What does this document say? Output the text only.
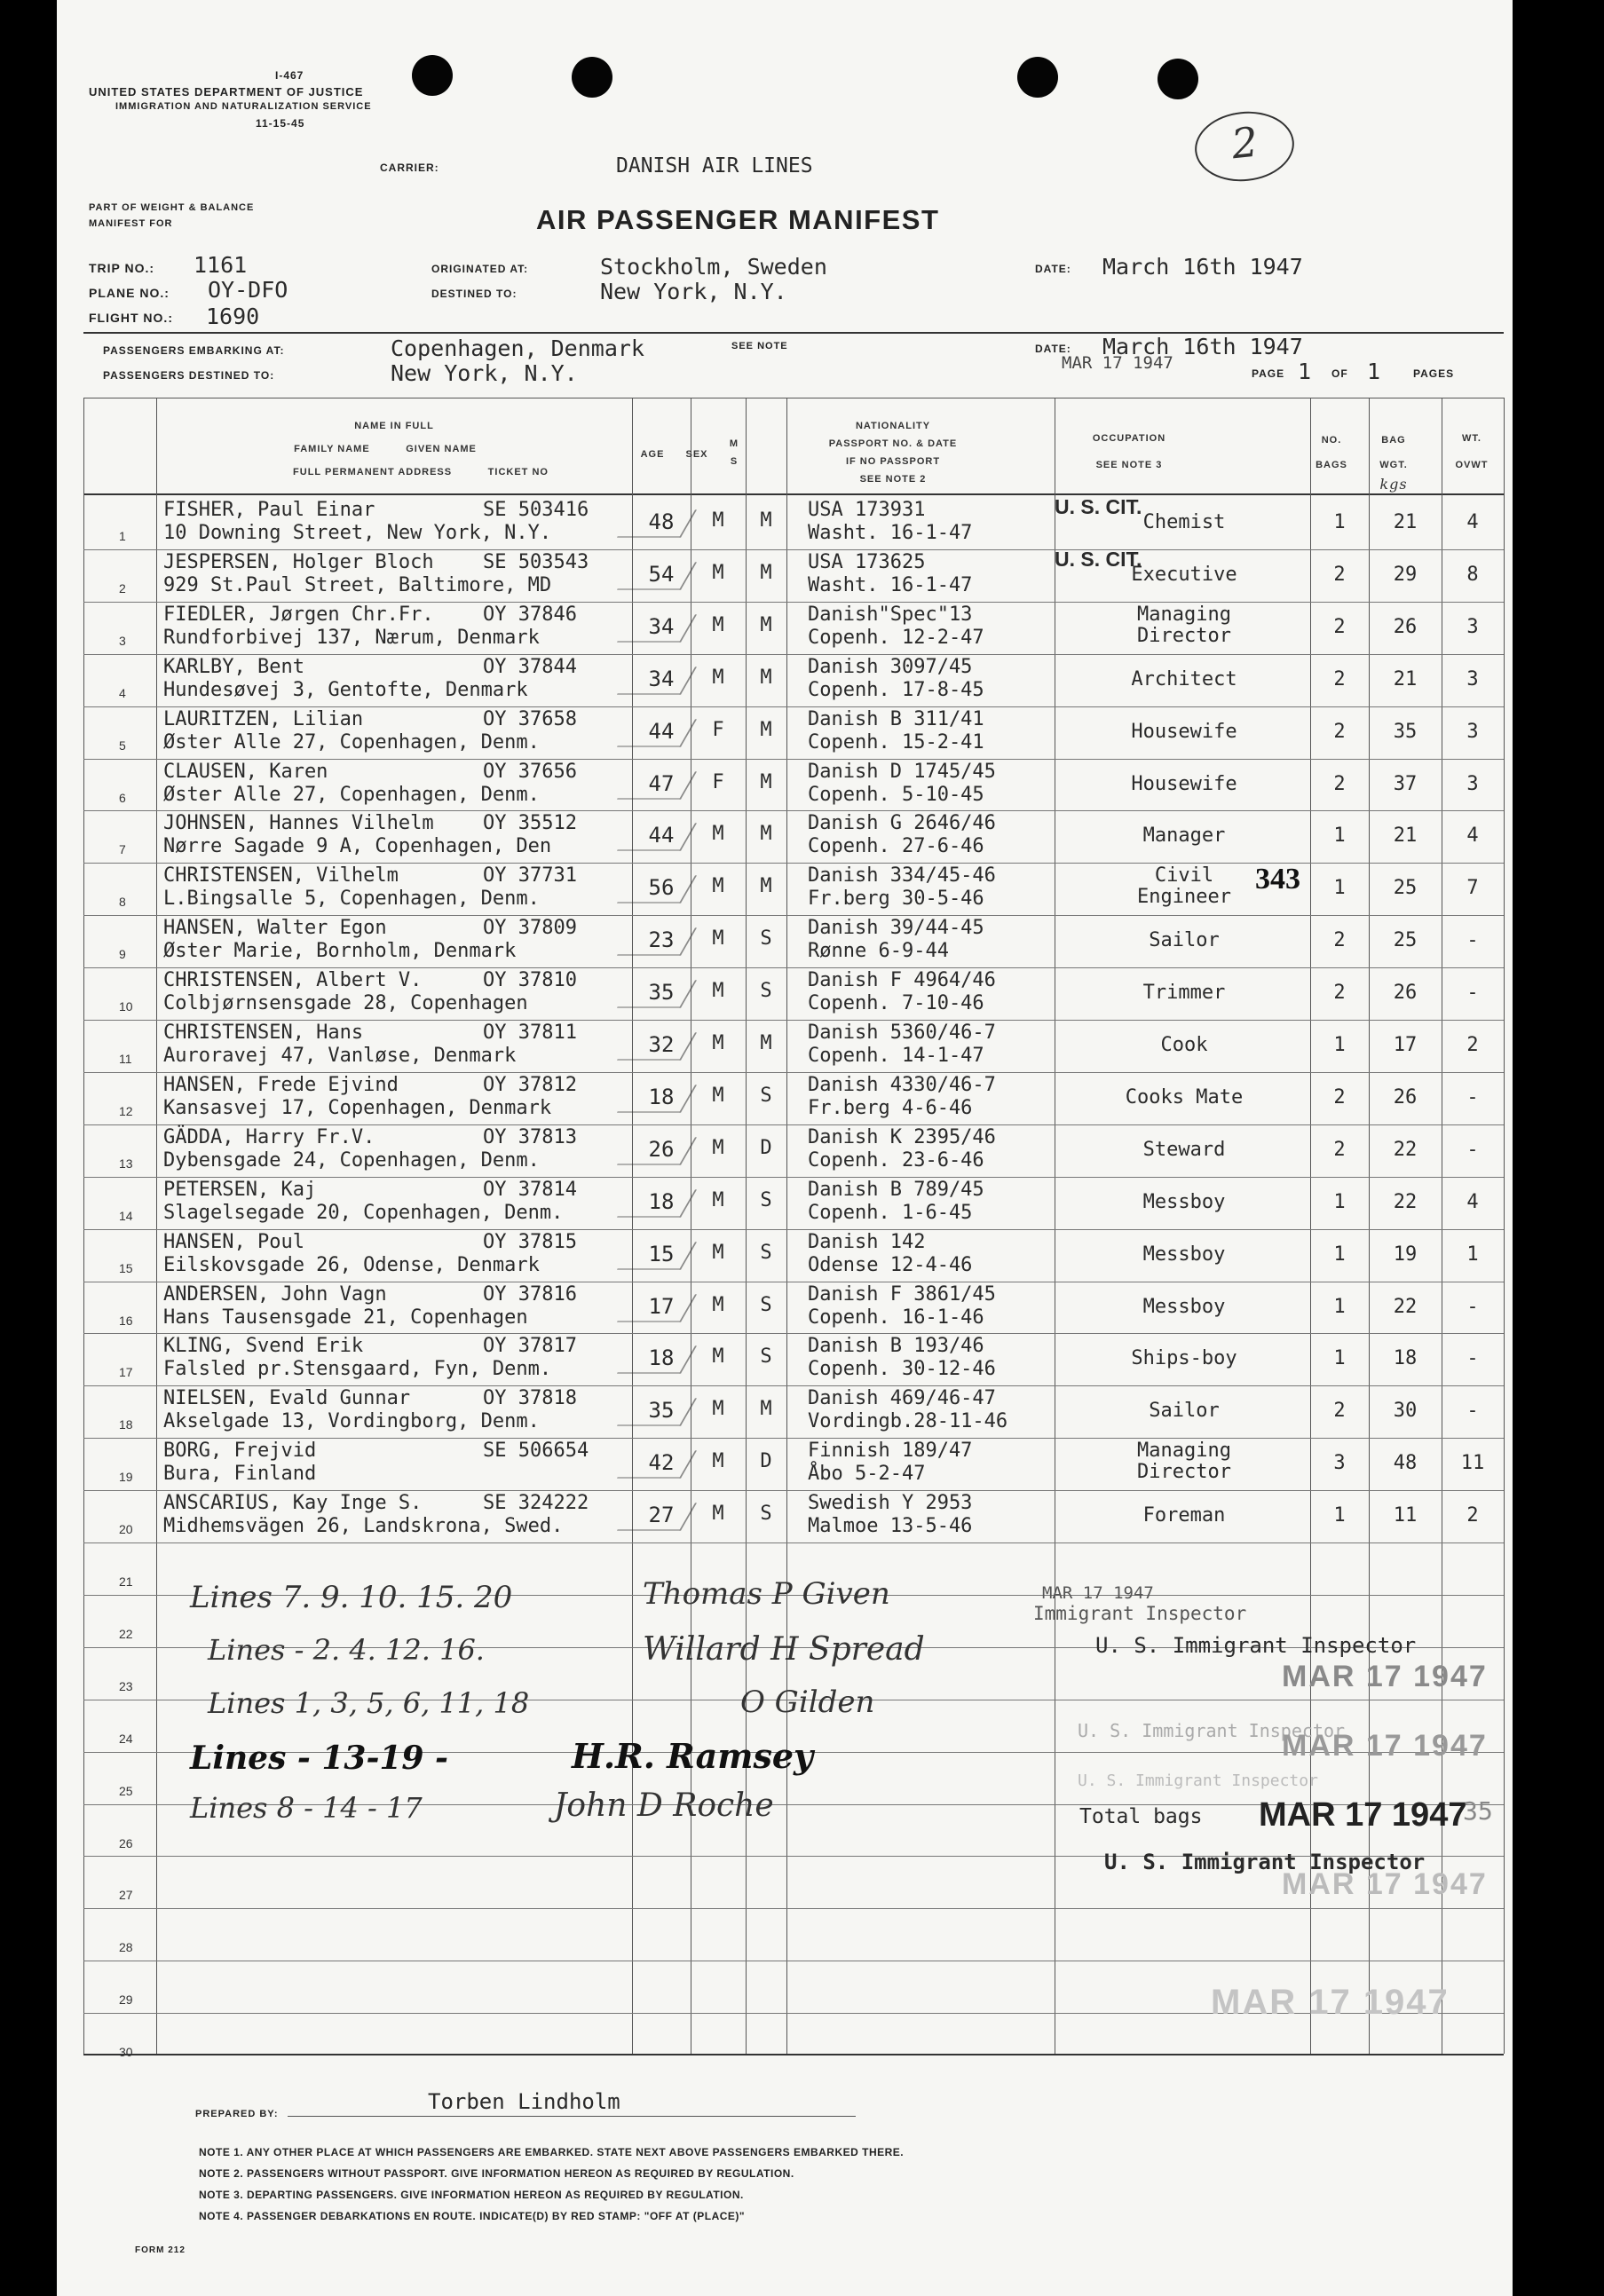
I-467
UNITED STATES DEPARTMENT OF JUSTICE
IMMIGRATION AND NATURALIZATION SERVICE
11-15-45
CARRIER:	DANISH AIR LINES	2
PART OF WEIGHT & BALANCE
MANIFEST FOR	AIR PASSENGER MANIFEST
TRIP NO.: 1161
PLANE NO.: OY-DFO
FLIGHT NO.: 1690
ORIGINATED AT:	Stockholm, Sweden
DESTINED TO:	New York, N.Y.
DATE: March 16th 1947
PASSENGERS EMBARKING AT:	Copenhagen, Denmark	SEE NOTE
PASSENGERS DESTINED TO:	New York, N.Y.
DATE: March 16th 1947
MAR 17 1947
PAGE 1 OF 1	PAGES
NAME IN FULL
FAMILY NAME          GIVEN NAME
FULL PERMANENT ADDRESS          TICKET NO
AGE	SEX
M S
NATIONALITY
PASSPORT NO. & DATE
IF NO PASSPORT
SEE NOTE 2
OCCUPATION
SEE NOTE 3
NO.
BAGS
BAG
WGT.
kgs
WT.
OVWT
1
FISHER, Paul Einar	SE 503416
10 Downing Street, New York, N.Y.	48	M	M	USA 173931
Washt. 16-1-47
U. S. CIT.
Chemist	1	21	4
2
JESPERSEN, Holger Bloch	SE 503543
929 St.Paul Street, Baltimore, MD	54	M	M	USA 173625
Washt. 16-1-47
U. S. CIT.
Executive	2	29	8
3
FIEDLER, Jørgen Chr.Fr.	OY 37846
Rundforbivej 137, Nærum, Denmark	34	M	M	Danish"Spec"13
Copenh. 12-2-47
Managing
Director	2	26	3
4
KARLBY, Bent	OY 37844
Hundesøvej 3, Gentofte, Denmark	34	M	M	Danish 3097/45
Copenh. 17-8-45	Architect	2	21	3
5
LAURITZEN, Lilian	OY 37658
Øster Alle 27, Copenhagen, Denm.	44	F	M	Danish B 311/41
Copenh. 15-2-41	Housewife	2	35	3
6
CLAUSEN, Karen	OY 37656
Øster Alle 27, Copenhagen, Denm.	47	F	M	Danish D 1745/45
Copenh. 5-10-45	Housewife	2	37	3
7
JOHNSEN, Hannes Vilhelm	OY 35512
Nørre Sagade 9 A, Copenhagen, Den	44	M	M	Danish G 2646/46
Copenh. 27-6-46	Manager	1	21	4
8
CHRISTENSEN, Vilhelm	OY 37731
L.Bingsalle 5, Copenhagen, Denm.	56	M	M	Danish 334/45-46
Fr.berg 30-5-46
Civil
Engineer	1	25	7
9
HANSEN, Walter Egon	OY 37809
Øster Marie, Bornholm, Denmark	23	M	S	Danish 39/44-45
Rønne 6-9-44	Sailor	2	25	-
10
CHRISTENSEN, Albert V.	OY 37810
Colbjørnsensgade 28, Copenhagen	35	M	S	Danish F 4964/46
Copenh. 7-10-46	Trimmer	2	26	-
11
CHRISTENSEN, Hans	OY 37811
Auroravej 47, Vanløse, Denmark	32	M	M	Danish 5360/46-7
Copenh. 14-1-47	Cook	1	17	2
12
HANSEN, Frede Ejvind	OY 37812
Kansasvej 17, Copenhagen, Denmark	18	M	S	Danish 4330/46-7
Fr.berg 4-6-46	Cooks Mate	2	26	-
13
GÄDDA, Harry Fr.V.	OY 37813
Dybensgade 24, Copenhagen, Denm.	26	M	D	Danish K 2395/46
Copenh. 23-6-46	Steward	2	22	-
14
PETERSEN, Kaj	OY 37814
Slagelsegade 20, Copenhagen, Denm.	18	M	S	Danish B 789/45
Copenh. 1-6-45	Messboy	1	22	4
15
HANSEN, Poul	OY 37815
Eilskovsgade 26, Odense, Denmark	15	M	S	Danish 142
Odense 12-4-46	Messboy	1	19	1
16
ANDERSEN, John Vagn	OY 37816
Hans Tausensgade 21, Copenhagen	17	M	S	Danish F 3861/45
Copenh. 16-1-46	Messboy	1	22	-
17
KLING, Svend Erik	OY 37817
Falsled pr.Stensgaard, Fyn, Denm.	18	M	S	Danish B 193/46
Copenh. 30-12-46	Ships-boy	1	18	-
18
NIELSEN, Evald Gunnar	OY 37818
Akselgade 13, Vordingborg, Denm.	35	M	M	Danish 469/46-47
Vordingb.28-11-46	Sailor	2	30	-
19
BORG, Frejvid	SE 506654
Bura, Finland	42	M	D	Finnish 189/47
Åbo 5-2-47
Managing
Director	3	48	11
20
ANSCARIUS, Kay Inge S.	SE 324222
Midhemsvägen 26, Landskrona, Swed.	27	M	S	Swedish Y 2953
Malmoe 13-5-46	Foreman	1	11	2
21
22
23
24
25
26
27
28
29
30
Lines 7. 9. 10. 15. 20	Thomas P Given
Lines - 2. 4. 12. 16.	Willard H Spread
Lines 1, 3, 5, 6, 11, 18	O Gilden
Lines - 13-19 -	H.R. Ramsey
Lines 8 - 14 - 17	John D Roche
343
MAR 17 1947
Immigrant Inspector
U. S. Immigrant Inspector
MAR 17 1947
U. S. Immigrant Inspector
MAR 17 1947
U. S. Immigrant Inspector
Total bags MAR 17 1947
35
U. S. Immigrant Inspector
MAR 17 1947
MAR 17 1947
PREPARED BY:	Torben Lindholm
NOTE 1. ANY OTHER PLACE AT WHICH PASSENGERS ARE EMBARKED. STATE NEXT ABOVE PASSENGERS EMBARKED THERE.
NOTE 2. PASSENGERS WITHOUT PASSPORT. GIVE INFORMATION HEREON AS REQUIRED BY REGULATION.
NOTE 3. DEPARTING PASSENGERS. GIVE INFORMATION HEREON AS REQUIRED BY REGULATION.
NOTE 4. PASSENGER DEBARKATIONS EN ROUTE. INDICATE(D) BY RED STAMP: "OFF AT (PLACE)"
FORM 212
